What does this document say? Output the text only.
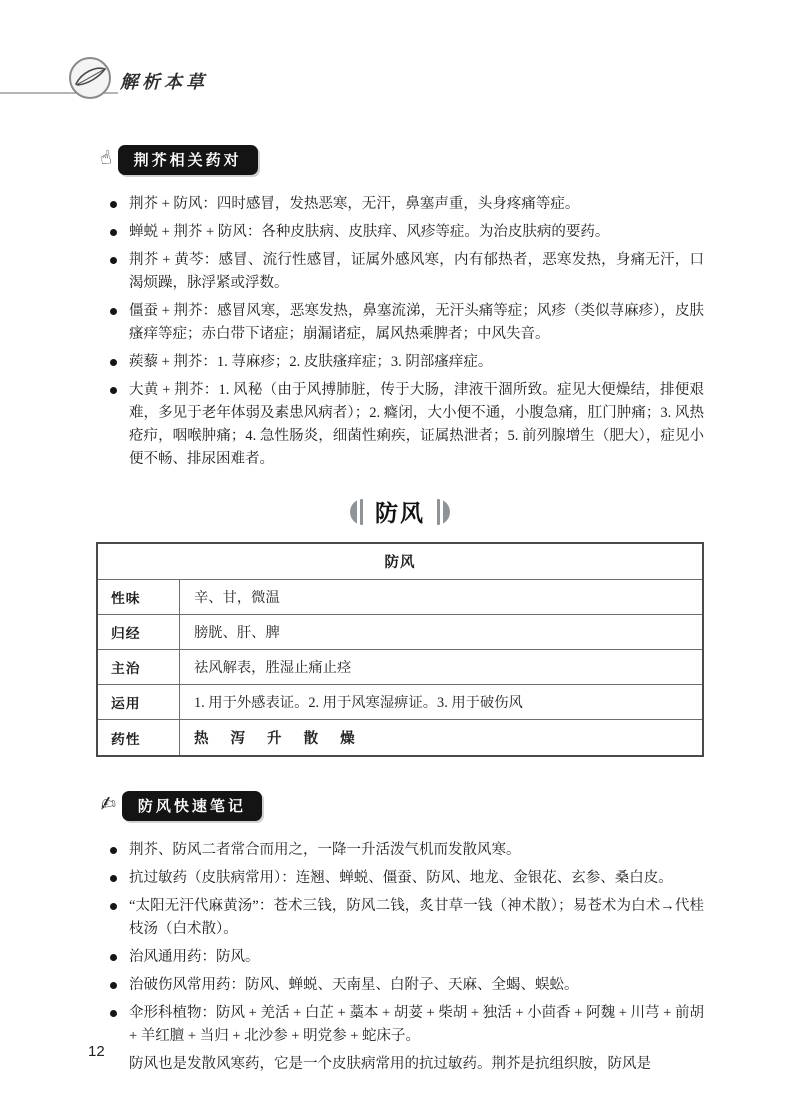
解析本草
☝	荆芥相关药对
荆芥 + 防风：四时感冒，发热恶寒，无汗，鼻塞声重，头身疼痛等症。
蝉蜕 + 荆芥 + 防风：各种皮肤病、皮肤痒、风疹等症。为治皮肤病的要药。
荆芥 + 黄芩：感冒、流行性感冒，证属外感风寒，内有郁热者，恶寒发热，身痛无汗，口渴烦躁，脉浮紧或浮数。
僵蚕 + 荆芥：感冒风寒，恶寒发热，鼻塞流涕，无汗头痛等症；风疹（类似荨麻疹），皮肤瘙痒等症；赤白带下诸症；崩漏诸症，属风热乘脾者；中风失音。
蒺藜 + 荆芥：1. 荨麻疹；2. 皮肤瘙痒症；3. 阴部瘙痒症。
大黄 + 荆芥：1. 风秘（由于风搏肺脏，传于大肠，津液干涸所致。症见大便燥结，排便艰难，多见于老年体弱及素患风病者）；2. 癃闭，大小便不通，小腹急痛，肛门肿痛；3. 风热疮疖，咽喉肿痛；4. 急性肠炎，细菌性痢疾，证属热泄者；5. 前列腺增生（肥大），症见小便不畅、排尿困难者。
防风
防风	
性味	辛、甘，微温
归经	膀胱、肝、脾
主治	祛风解表，胜湿止痛止痉
运用	1. 用于外感表证。2. 用于风寒湿痹证。3. 用于破伤风
药性	热 泻 升 散 燥
✍	防风快速笔记
荆芥、防风二者常合而用之，一降一升活泼气机而发散风寒。
抗过敏药（皮肤病常用）：连翘、蝉蜕、僵蚕、防风、地龙、金银花、玄参、桑白皮。
“太阳无汗代麻黄汤”：苍术三钱，防风二钱，炙甘草一钱（神术散）；易苍术为白术→代桂枝汤（白术散）。
治风通用药：防风。
治破伤风常用药：防风、蝉蜕、天南星、白附子、天麻、全蝎、蜈蚣。
伞形科植物：防风 + 羌活 + 白芷 + 藁本 + 胡荽 + 柴胡 + 独活 + 小茴香 + 阿魏 + 川芎 + 前胡 + 羊红膻 + 当归 + 北沙参 + 明党参 + 蛇床子。

防风也是发散风寒药，它是一个皮肤病常用的抗过敏药。荆芥是抗组织胺，防风是

12
